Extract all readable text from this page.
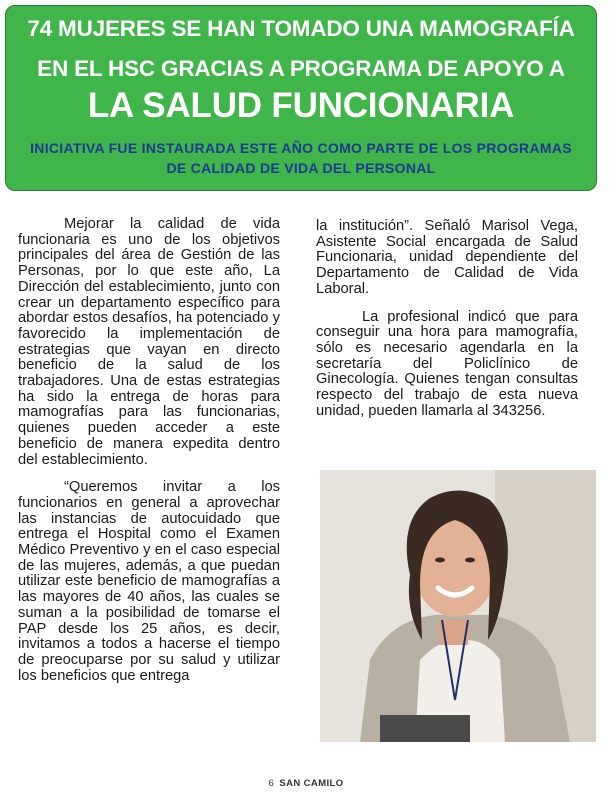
74 MUJERES SE HAN TOMADO UNA MAMOGRAFÍA
EN EL HSC GRACIAS A PROGRAMA DE APOYO A
LA SALUD FUNCIONARIA
INICIATIVA FUE INSTAURADA ESTE AÑO COMO PARTE DE LOS PROGRAMAS DE CALIDAD DE VIDA DEL PERSONAL

Mejorar la calidad de vida funcionaria es uno de los objetivos principales del área de Gestión de las Personas, por lo que este año, La Dirección del establecimiento, junto con crear un departamento específico para abordar estos desafíos, ha potenciado y favorecido la implementación de estrategias que vayan en directo beneficio de la salud de los trabajadores. Una de estas estrategias ha sido la entrega de horas para mamografías para las funcionarias, quienes pueden acceder a este beneficio de manera expedita dentro del establecimiento.

“Queremos invitar a los funcionarios en general a aprovechar las instancias de autocuidado que entrega el Hospital como el Examen Médico Preventivo y en el caso especial de las mujeres, además, a que puedan utilizar este beneficio de mamografías a las mayores de 40 años, las cuales se suman a la posibilidad de tomarse el PAP desde los 25 años, es decir, invitamos a todos a hacerse el tiempo de preocuparse por su salud y utilizar los beneficios que entrega

la institución”. Señaló Marisol Vega, Asistente Social encargada de Salud Funcionaria, unidad dependiente del Departamento de Calidad de Vida Laboral.

La profesional indicó que para conseguir una hora para mamografía, sólo es necesario agendarla en la secretaría del Policlínico de Ginecología. Quienes tengan consultas respecto del trabajo de esta nueva unidad, pueden llamarla al 343256.

6 SAN CAMILO
